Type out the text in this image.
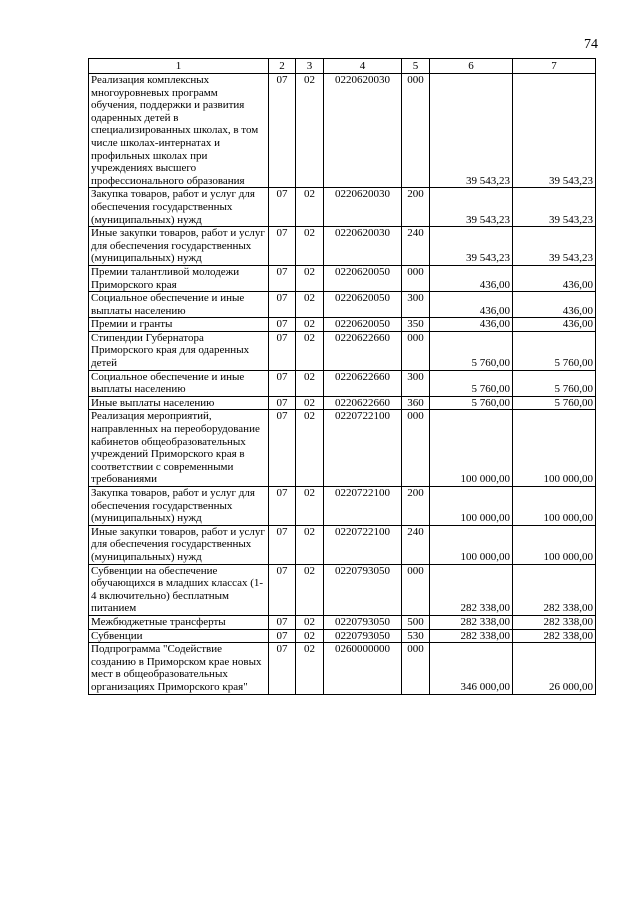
74
1	2	3	4	5	6	7
Реализация комплексных многоуровневых программ обучения, поддержки и развития одаренных детей в специализированных школах, в том числе школах-интернатах и профильных школах при учреждениях высшего профессионального образования	07	02	0220620030	000	39 543,23	39 543,23
Закупка товаров, работ и услуг для обеспечения государственных (муниципальных) нужд	07	02	0220620030	200	39 543,23	39 543,23
Иные закупки товаров, работ и услуг для обеспечения государственных (муниципальных) нужд	07	02	0220620030	240	39 543,23	39 543,23
Премии талантливой молодежи Приморского края	07	02	0220620050	000	436,00	436,00
Социальное обеспечение и иные выплаты населению	07	02	0220620050	300	436,00	436,00
Премии и гранты	07	02	0220620050	350	436,00	436,00
Стипендии Губернатора Приморского края для одаренных детей	07	02	0220622660	000	5 760,00	5 760,00
Социальное обеспечение и иные выплаты населению	07	02	0220622660	300	5 760,00	5 760,00
Иные выплаты населению	07	02	0220622660	360	5 760,00	5 760,00
Реализация мероприятий, направленных на переоборудование кабинетов общеобразовательных учреждений Приморского края в соответствии с современными требованиями	07	02	0220722100	000	100 000,00	100 000,00
Закупка товаров, работ и услуг для обеспечения государственных (муниципальных) нужд	07	02	0220722100	200	100 000,00	100 000,00
Иные закупки товаров, работ и услуг для обеспечения государственных (муниципальных) нужд	07	02	0220722100	240	100 000,00	100 000,00
Субвенции на обеспечение обучающихся в младших классах (1-4 включительно) бесплатным питанием	07	02	0220793050	000	282 338,00	282 338,00
Межбюджетные трансферты	07	02	0220793050	500	282 338,00	282 338,00
Субвенции	07	02	0220793050	530	282 338,00	282 338,00
Подпрограмма "Содействие созданию в Приморском крае новых мест в общеобразовательных организациях Приморского края"	07	02	0260000000	000	346 000,00	26 000,00
